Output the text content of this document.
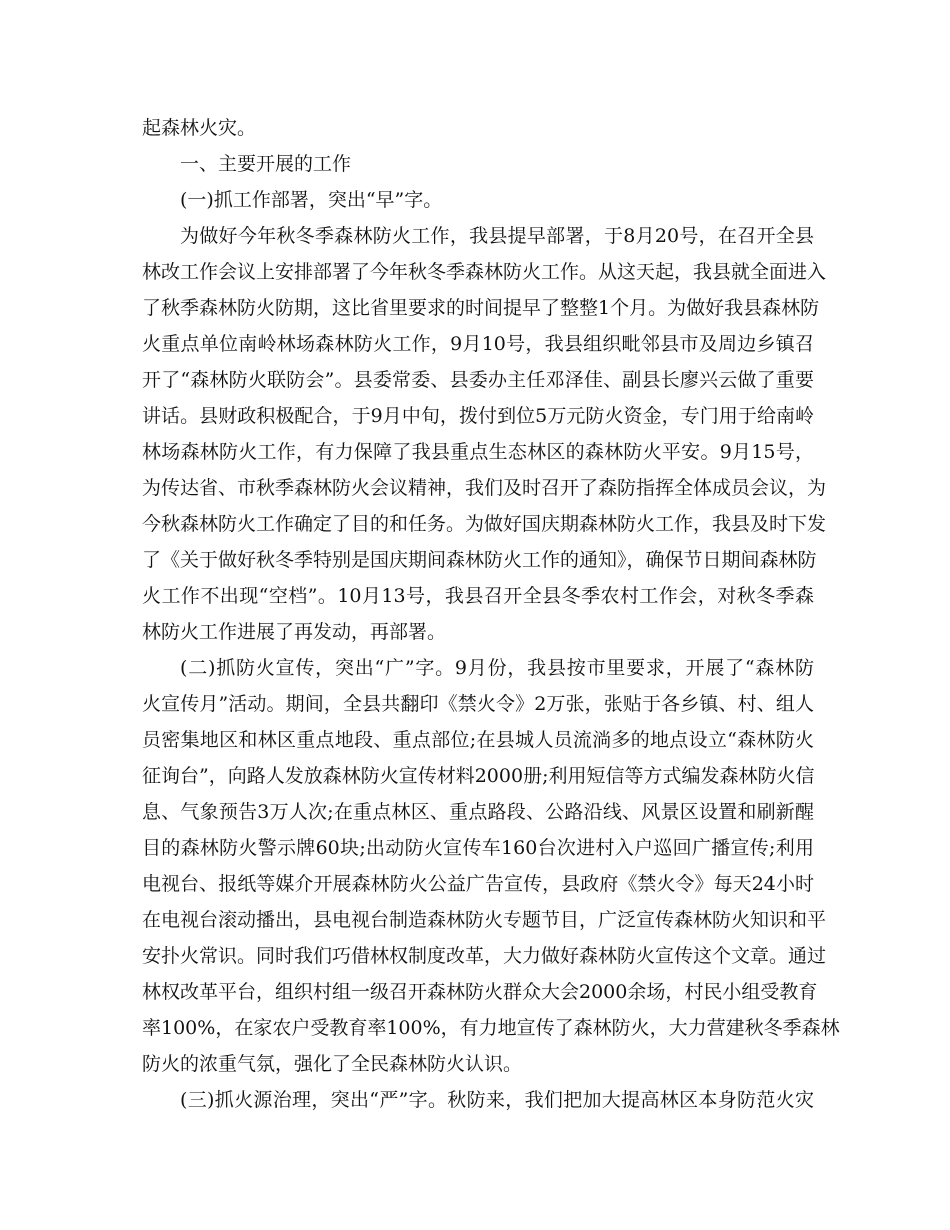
起森林火灾。
一、主要开展的工作
(一)抓工作部署，突出“早”字。
为做好今年秋冬季森林防火工作，我县提早部署，于8月20号，在召开全县
林改工作会议上安排部署了今年秋冬季森林防火工作。从这天起，我县就全面进入
了秋季森林防火防期，这比省里要求的时间提早了整整1个月。为做好我县森林防
火重点单位南岭林场森林防火工作，9月10号，我县组织毗邻县市及周边乡镇召
开了“森林防火联防会”。县委常委、县委办主任邓泽佳、副县长廖兴云做了重要
讲话。县财政积极配合，于9月中旬，拨付到位5万元防火资金，专门用于给南岭
林场森林防火工作，有力保障了我县重点生态林区的森林防火平安。9月15号，
为传达省、市秋季森林防火会议精神，我们及时召开了森防指挥全体成员会议，为
今秋森林防火工作确定了目的和任务。为做好国庆期森林防火工作，我县及时下发
了《关于做好秋冬季特别是国庆期间森林防火工作的通知》，确保节日期间森林防
火工作不出现“空档”。10月13号，我县召开全县冬季农村工作会，对秋冬季森
林防火工作进展了再发动，再部署。
(二)抓防火宣传，突出“广”字。9月份，我县按市里要求，开展了“森林防
火宣传月”活动。期间，全县共翻印《禁火令》2万张，张贴于各乡镇、村、组人
员密集地区和林区重点地段、重点部位;在县城人员流淌多的地点设立“森林防火
征询台”，向路人发放森林防火宣传材料2000册;利用短信等方式编发森林防火信
息、气象预告3万人次;在重点林区、重点路段、公路沿线、风景区设置和刷新醒
目的森林防火警示牌60块;出动防火宣传车160台次进村入户巡回广播宣传;利用
电视台、报纸等媒介开展森林防火公益广告宣传，县政府《禁火令》每天24小时
在电视台滚动播出，县电视台制造森林防火专题节目，广泛宣传森林防火知识和平
安扑火常识。同时我们巧借林权制度改革，大力做好森林防火宣传这个文章。通过
林权改革平台，组织村组一级召开森林防火群众大会2000余场，村民小组受教育
率100%，在家农户受教育率100%，有力地宣传了森林防火，大力营建秋冬季森林
防火的浓重气氛，强化了全民森林防火认识。
(三)抓火源治理，突出“严”字。秋防来，我们把加大提高林区本身防范火灾
